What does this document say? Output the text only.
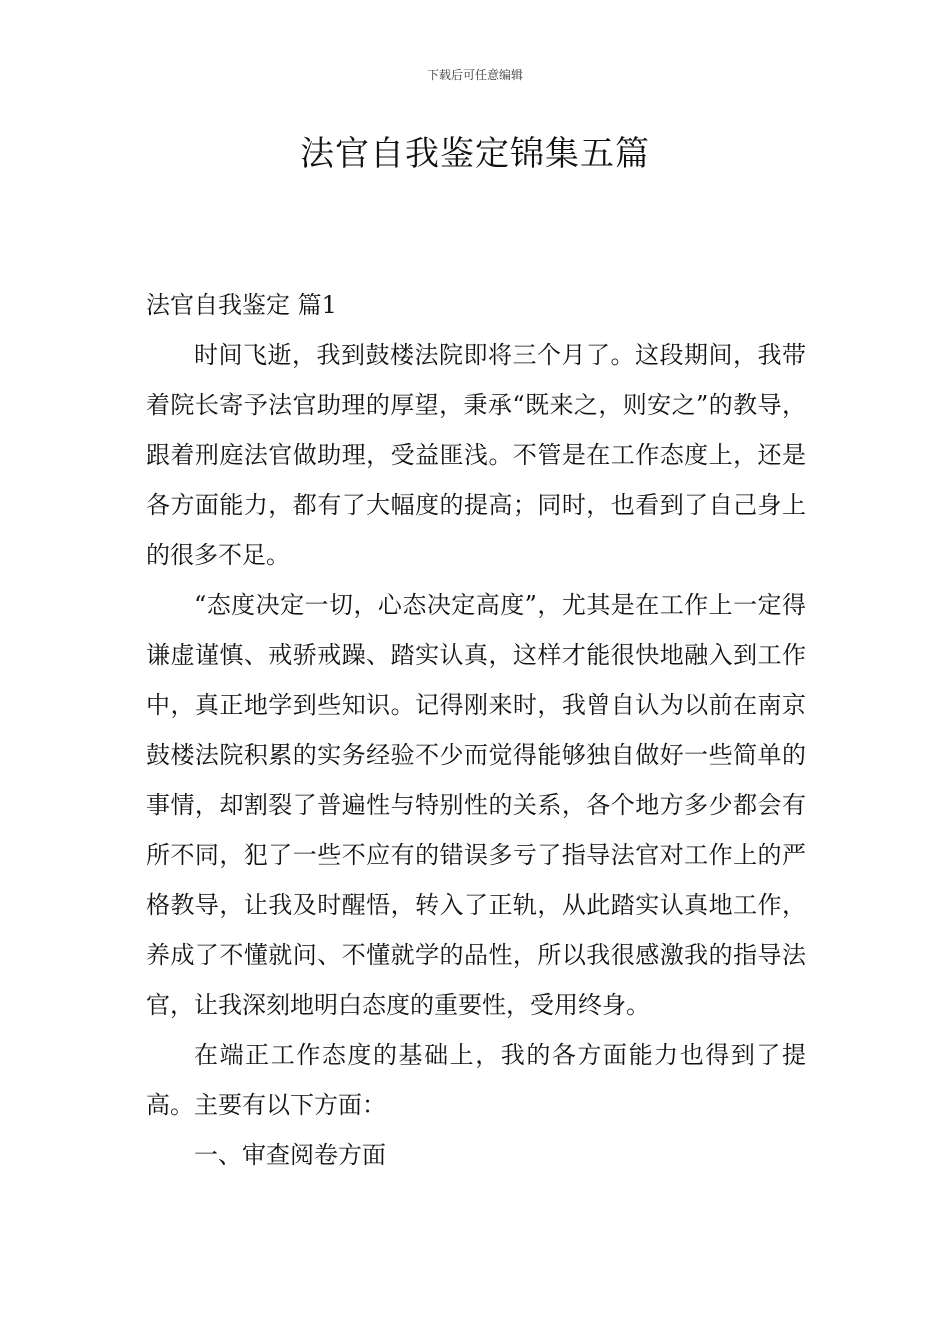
下载后可任意编辑
法官自我鉴定锦集五篇

法官自我鉴定 篇1

时间飞逝，我到鼓楼法院即将三个月了。这段期间，我带着院长寄予法官助理的厚望，秉承“既来之，则安之”的教导，跟着刑庭法官做助理，受益匪浅。不管是在工作态度上，还是各方面能力，都有了大幅度的提高；同时，也看到了自己身上的很多不足。

“态度决定一切，心态决定高度”，尤其是在工作上一定得谦虚谨慎、戒骄戒躁、踏实认真，这样才能很快地融入到工作中，真正地学到些知识。记得刚来时，我曾自认为以前在南京鼓楼法院积累的实务经验不少而觉得能够独自做好一些简单的事情，却割裂了普遍性与特别性的关系，各个地方多少都会有所不同，犯了一些不应有的错误多亏了指导法官对工作上的严格教导，让我及时醒悟，转入了正轨，从此踏实认真地工作，养成了不懂就问、不懂就学的品性，所以我很感激我的指导法官，让我深刻地明白态度的重要性，受用终身。

在端正工作态度的基础上，我的各方面能力也得到了提高。主要有以下方面：

一、审查阅卷方面
